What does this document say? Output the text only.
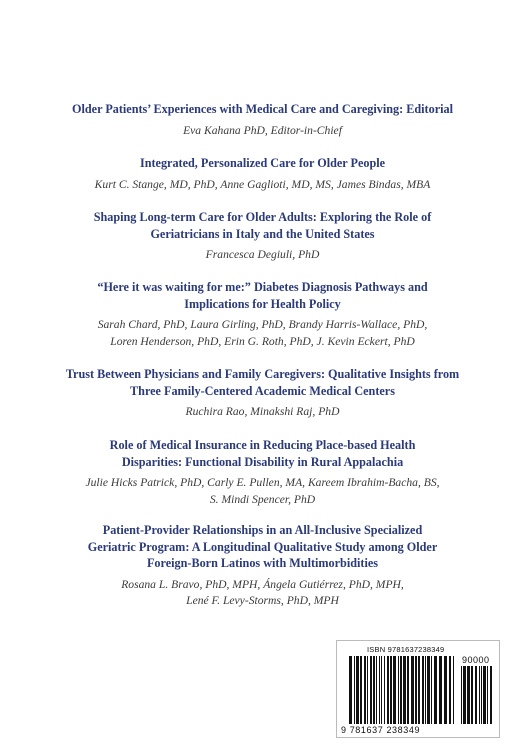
Older Patients’ Experiences with Medical Care and Caregiving: Editorial
Eva Kahana PhD, Editor-in-Chief
Integrated, Personalized Care for Older People
Kurt C. Stange, MD, PhD, Anne Gaglioti, MD, MS, James Bindas, MBA
Shaping Long-term Care for Older Adults: Exploring the Role of Geriatricians in Italy and the United States
Francesca Degiuli, PhD
“Here it was waiting for me:” Diabetes Diagnosis Pathways and Implications for Health Policy
Sarah Chard, PhD, Laura Girling, PhD, Brandy Harris-Wallace, PhD,
Loren Henderson, PhD, Erin G. Roth, PhD, J. Kevin Eckert, PhD
Trust Between Physicians and Family Caregivers: Qualitative Insights from Three Family-Centered Academic Medical Centers
Ruchira Rao, Minakshi Raj, PhD
Role of Medical Insurance in Reducing Place-based Health Disparities: Functional Disability in Rural Appalachia
Julie Hicks Patrick, PhD, Carly E. Pullen, MA, Kareem Ibrahim-Bacha, BS,
S. Mindi Spencer, PhD
Patient-Provider Relationships in an All-Inclusive Specialized Geriatric Program: A Longitudinal Qualitative Study among Older Foreign-Born Latinos with Multimorbidities
Rosana L. Bravo, PhD, MPH, Ángela Gutiérrez, PhD, MPH,
Lené F. Levy-Storms, PhD, MPH
ISBN 9781637238349
90000
9 781637 238349
